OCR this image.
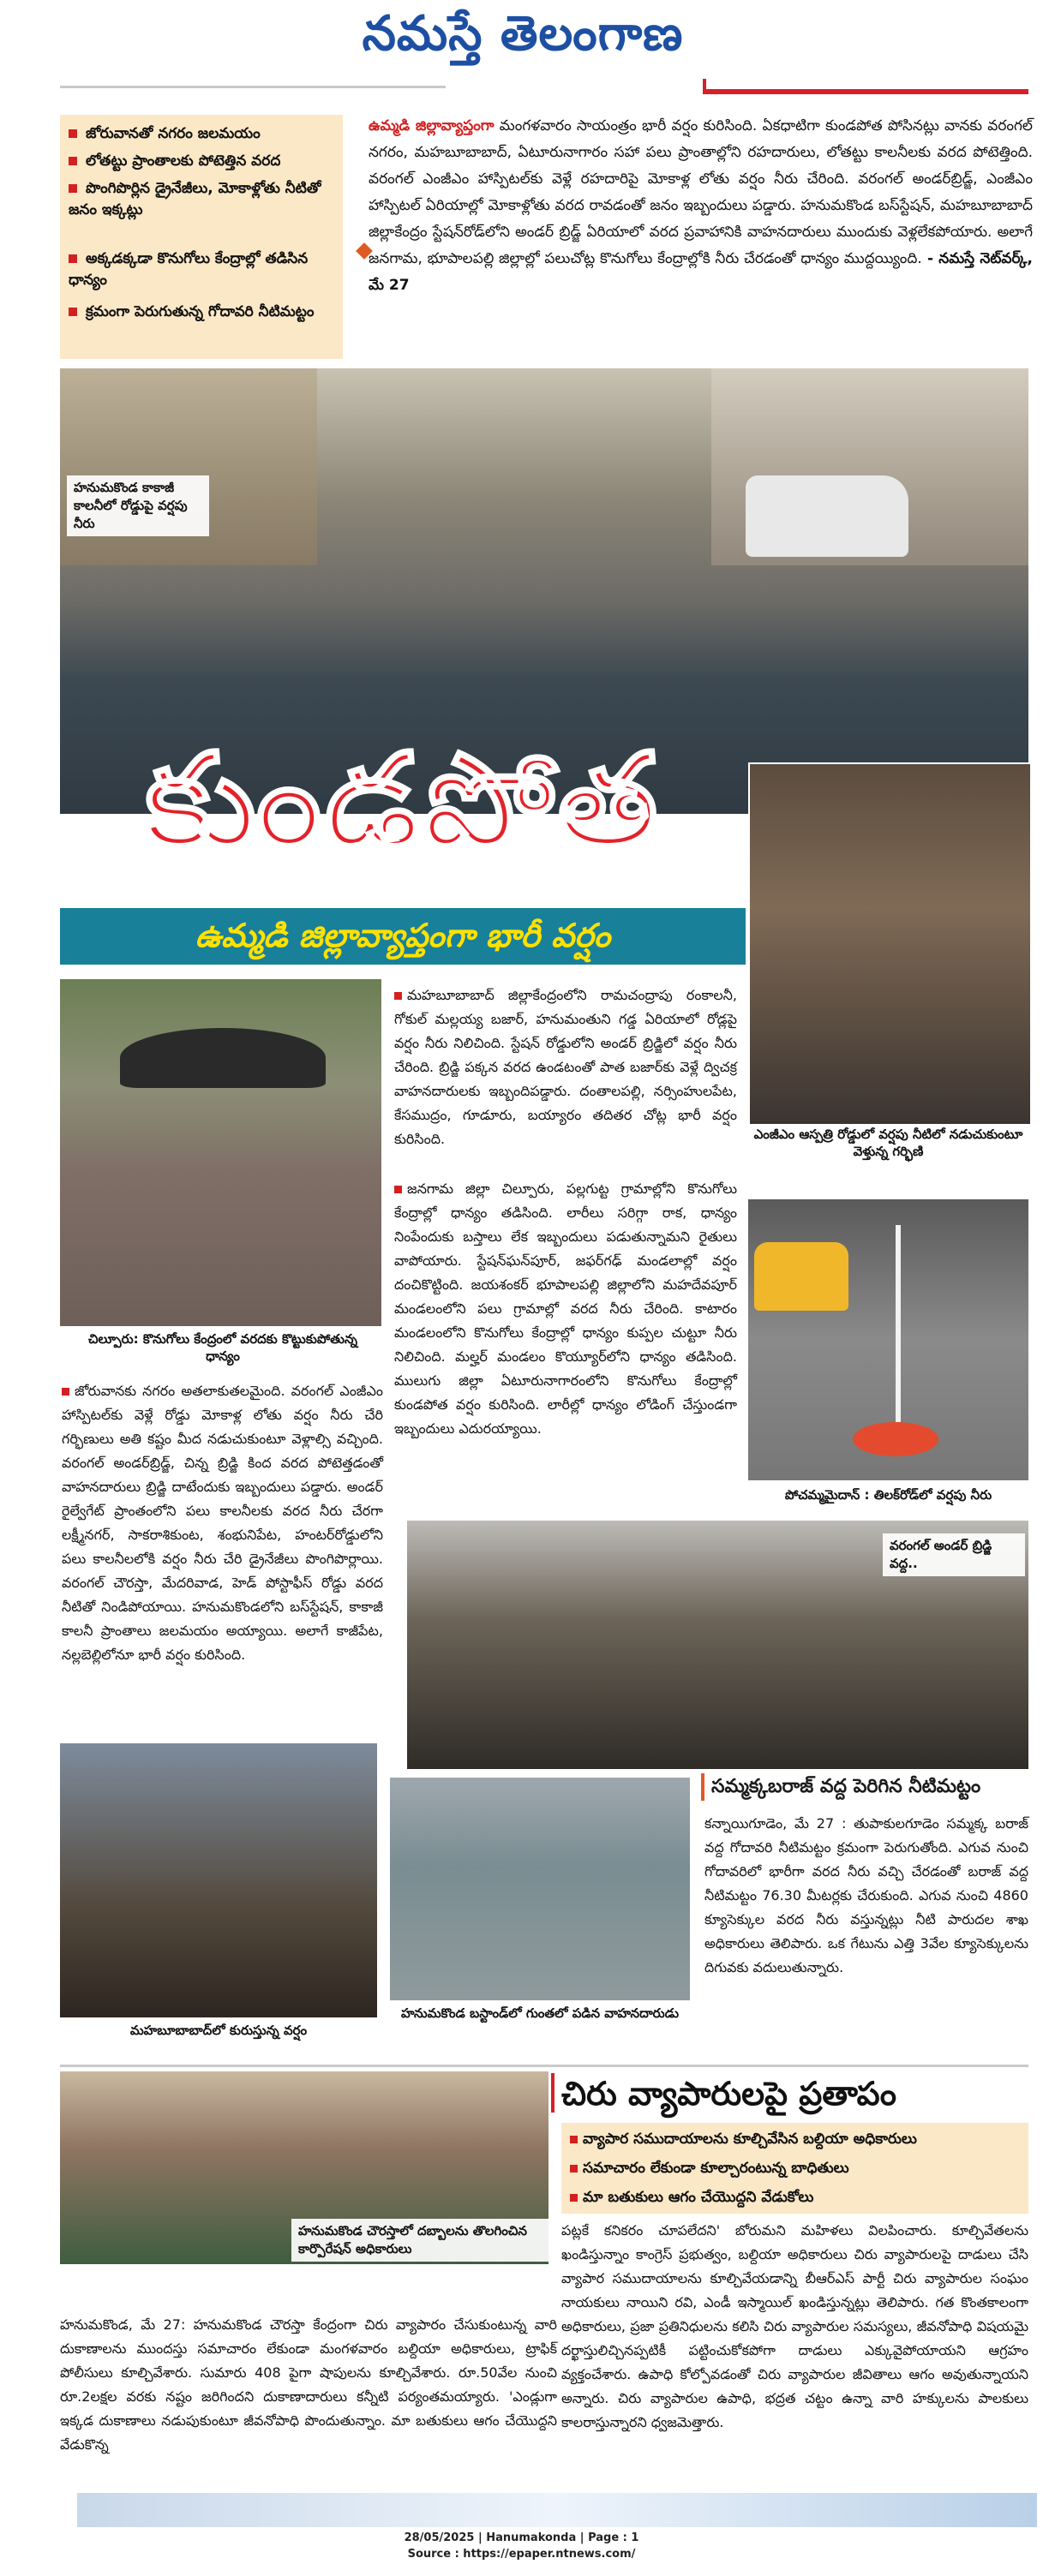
నమస్తే తెలంగాణ
జోరువానతో నగరం జలమయం
లోతట్టు ప్రాంతాలకు పోటెత్తిన వరద
పొంగిపొర్లిన డ్రైనేజీలు, మోకాళ్లోతు నీటితో జనం ఇక్కట్లు
అక్కడక్కడా కొనుగోలు కేంద్రాల్లో తడిసిన ధాన్యం
క్రమంగా పెరుగుతున్న గోదావరి నీటిమట్టం
ఉమ్మడి జిల్లావ్యాప్తంగా మంగళవారం సాయంత్రం భారీ వర్షం కురిసింది. ఏకధాటిగా కుండపోత పోసినట్లు వానకు వరంగల్ నగరం, మహబూబాబాద్, ఏటూరునాగారం సహా పలు ప్రాంతాల్లోని రహదారులు, లోతట్టు కాలనీలకు వరద పోటెత్తింది. వరంగల్ ఎంజీఎం హాస్పిటల్‌కు వెళ్లే రహదారిపై మోకాళ్ల లోతు వర్షం నీరు చేరింది. వరంగల్ అండర్‌బ్రిడ్జ్, ఎంజీఎం హాస్పిటల్ ఏరియాల్లో మోకాళ్లోతు వరద రావడంతో జనం ఇబ్బందులు పడ్డారు. హనుమకొండ బస్‌స్టేషన్, మహబూబాబాద్ జిల్లాకేంద్రం స్టేషన్‌రోడ్‌లోని అండర్ బ్రిడ్జ్ ఏరియాలో వరద ప్రవాహానికి వాహనదారులు ముందుకు వెళ్లలేకపోయారు. అలాగే జనగామ, భూపాలపల్లి జిల్లాల్లో పలుచోట్ల కొనుగోలు కేంద్రాల్లోకి నీరు చేరడంతో ధాన్యం ముద్దయ్యింది. - నమస్తే నెట్‌వర్క్, మే 27
హనుమకొండ కాకాజీ కాలనీలో రోడ్డుపై వర్షపు నీరు
కుండపోత
ఉమ్మడి జిల్లావ్యాప్తంగా భారీ వర్షం
ఎంజీఎం ఆస్పత్రి రోడ్డులో వర్షపు నీటిలో నడుచుకుంటూ వెళ్తున్న గర్భిణి
చిల్పూరు: కొనుగోలు కేంద్రంలో వరదకు కొట్టుకుపోతున్న ధాన్యం
మహబూబాబాద్ జిల్లాకేంద్రంలోని రామచంద్రాపు రంకాలనీ, గోకుల్ మల్లయ్య బజార్, హనుమంతుని గడ్డ ఏరియాలో రోడ్లపై వర్షం నీరు నిలిచింది. స్టేషన్ రోడ్డులోని అండర్ బ్రిడ్జిలో వర్షం నీరు చేరింది. బ్రిడ్జి పక్కన వరద ఉండటంతో పాత బజార్‌కు వెళ్లే ద్విచక్ర వాహనదారులకు ఇబ్బందిపడ్డారు. దంతాలపల్లి, నర్సింహులపేట, కేసముద్రం, గూడూరు, బయ్యారం తదితర చోట్ల భారీ వర్షం కురిసింది.
జనగామ జిల్లా చిల్పూరు, పల్లగుట్ట గ్రామాల్లోని కొనుగోలు కేంద్రాల్లో ధాన్యం తడిసింది. లారీలు సరిగ్గా రాక, ధాన్యం నింపేందుకు బస్తాలు లేక ఇబ్బందులు పడుతున్నామని రైతులు వాపోయారు. స్టేషన్‌ఘన్‌పూర్, జఫర్‌గఢ్ మండలాల్లో వర్షం దంచికొట్టింది. జయశంకర్ భూపాలపల్లి జిల్లాలోని మహదేవపూర్ మండలంలోని పలు గ్రామాల్లో వరద నీరు చేరింది. కాటారం మండలంలోని కొనుగోలు కేంద్రాల్లో ధాన్యం కుప్పల చుట్టూ నీరు నిలిచింది. మల్హర్ మండలం కొయ్యూర్‌లోని ధాన్యం తడిసింది. ములుగు జిల్లా ఏటూరునాగారంలోని కొనుగోలు కేంద్రాల్లో కుండపోత వర్షం కురిసింది. లారీల్లో ధాన్యం లోడింగ్ చేస్తుండగా ఇబ్బందులు ఎదురయ్యాయి.
పోచమ్మమైదాన్ : తిలక్‌రోడ్‌లో వర్షపు నీరు
జోరువానకు నగరం అతలాకుతలమైంది. వరంగల్ ఎంజీఎం హాస్పిటల్‌కు వెళ్లే రోడ్డు మోకాళ్ల లోతు వర్షం నీరు చేరి గర్భిణులు అతి కష్టం మీద నడుచుకుంటూ వెళ్లాల్సి వచ్చింది. వరంగల్ అండర్‌బ్రిడ్జ్, చిన్న బ్రిడ్జి కింద వరద పోటెత్తడంతో వాహనదారులు బ్రిడ్జి దాటేందుకు ఇబ్బందులు పడ్డారు. అండర్ రైల్వేగేట్ ప్రాంతంలోని పలు కాలనీలకు వరద నీరు చేరగా లక్ష్మీనగర్, సాకరాశికుంట, శంభునిపేట, హంటర్‌రోడ్డులోని పలు కాలనీలలోకి వర్షం నీరు చేరి డ్రైనేజీలు పొంగిపొర్లాయి. వరంగల్ చౌరస్తా, మేదరివాడ, హెడ్ పోస్టాఫీస్ రోడ్డు వరద నీటితో నిండిపోయాయి. హనుమకొండలోని బస్‌స్టేషన్, కాకాజీ కాలనీ ప్రాంతాలు జలమయం అయ్యాయి. అలాగే కాజీపేట, నల్లబెల్లిలోనూ భారీ వర్షం కురిసింది.
వరంగల్ అండర్ బ్రిడ్జి వద్ద..
మహబూబాబాద్‌లో కురుస్తున్న వర్షం
హనుమకొండ బస్టాండ్‌లో గుంతలో పడిన వాహనదారుడు
సమ్మక్కబరాజ్ వద్ద పెరిగిన నీటిమట్టం
కన్నాయిగూడెం, మే 27 : తుపాకులగూడెం సమ్మక్క బరాజ్ వద్ద గోదావరి నీటిమట్టం క్రమంగా పెరుగుతోంది. ఎగువ నుంచి గోదావరిలో భారీగా వరద నీరు వచ్చి చేరడంతో బరాజ్ వద్ద నీటిమట్టం 76.30 మీటర్లకు చేరుకుంది. ఎగువ నుంచి 4860 క్యూసెక్కుల వరద నీరు వస్తున్నట్లు నీటి పారుదల శాఖ అధికారులు తెలిపారు. ఒక గేటును ఎత్తి 3వేల క్యూసెక్కులను దిగువకు వదులుతున్నారు.
హనుమకొండ చౌరస్తాలో దబ్బాలను తొలగించిన కార్పొరేషన్ అధికారులు
చిరు వ్యాపారులపై ప్రతాపం
వ్యాపార సముదాయాలను కూల్చివేసిన బల్దియా అధికారులు
సమాచారం లేకుండా కూల్చారంటున్న బాధితులు
మా బతుకులు ఆగం చేయొద్దని వేడుకోలు
పట్లకే కనికరం చూపలేదని' బోరుమని మహిళలు విలపించారు. కూల్చివేతలను ఖండిస్తున్నాం కాంగ్రెస్ ప్రభుత్వం, బల్దియా అధికారులు చిరు వ్యాపారులపై దాడులు చేసి వ్యాపార సముదాయాలను కూల్చివేయడాన్ని బీఆర్‌ఎస్ పార్టీ చిరు వ్యాపారుల సంఘం నాయకులు నాయిని రవి, ఎండీ ఇస్మాయిల్ ఖండిస్తున్నట్లు తెలిపారు. గత కొంతకాలంగా అధికారులు, ప్రజా ప్రతినిధులను కలిసి చిరు వ్యాపారుల సమస్యలు, జీవనోపాధి విషయమై దర్ఖాస్తులిచ్చినప్పటికీ పట్టించుకోకపోగా దాడులు ఎక్కువైపోయాయని ఆగ్రహం వ్యక్తంచేశారు. ఉపాధి కోల్పోవడంతో చిరు వ్యాపారుల జీవితాలు ఆగం అవుతున్నాయని అన్నారు. చిరు వ్యాపారుల ఉపాధి, భద్రత చట్టం ఉన్నా వారి హక్కులను పాలకులు కాలరాస్తున్నారని ధ్వజమెత్తారు.
హనుమకొండ, మే 27: హనుమకొండ చౌరస్తా కేంద్రంగా చిరు వ్యాపారం చేసుకుంటున్న వారి దుకాణాలను ముందస్తు సమాచారం లేకుండా మంగళవారం బల్దియా అధికారులు, ట్రాఫిక్ పోలీసులు కూల్చివేశారు. సుమారు 408 పైగా షాపులను కూల్చివేశారు. రూ.50వేల నుంచి రూ.2లక్షల వరకు నష్టం జరిగిందని దుకాణాదారులు కన్నీటి పర్యంతమయ్యారు. 'ఎండ్లుగా ఇక్కడ దుకాణాలు నడుపుకుంటూ జీవనోపాధి పొందుతున్నాం. మా బతుకులు ఆగం చేయొద్దని వేడుకొన్న
28/05/2025 | Hanumakonda | Page : 1
Source : https://epaper.ntnews.com/
